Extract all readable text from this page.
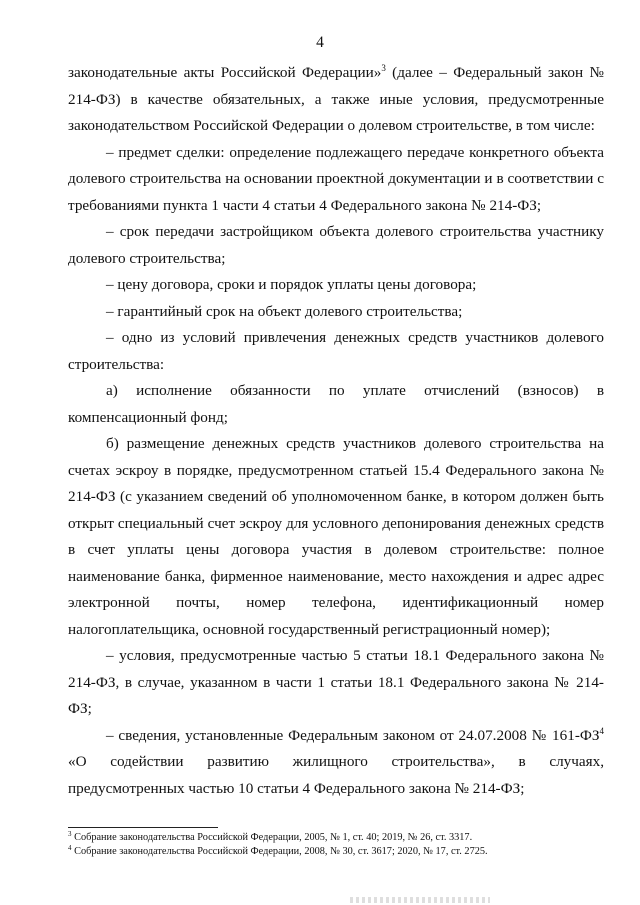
4

законодательные акты Российской Федерации»$^3$ (далее – Федеральный закон № 214-ФЗ) в качестве обязательных, а также иные условия, предусмотренные законодательством Российской Федерации о долевом строительстве, в том числе:

– предмет сделки: определение подлежащего передаче конкретного объекта долевого строительства на основании проектной документации и в соответствии с требованиями пункта 1 части 4 статьи 4 Федерального закона № 214-ФЗ;

– срок передачи застройщиком объекта долевого строительства участнику долевого строительства;

– цену договора, сроки и порядок уплаты цены договора;

– гарантийный срок на объект долевого строительства;

– одно из условий привлечения денежных средств участников долевого строительства:

а) исполнение обязанности по уплате отчислений (взносов) в компенсационный фонд;

б) размещение денежных средств участников долевого строительства на счетах эскроу в порядке, предусмотренном статьей 15.4 Федерального закона № 214-ФЗ (с указанием сведений об уполномоченном банке, в котором должен быть открыт специальный счет эскроу для условного депонирования денежных средств в счет уплаты цены договора участия в долевом строительстве: полное наименование банка, фирменное наименование, место нахождения и адрес адрес электронной почты, номер телефона, идентификационный номер налогоплательщика, основной государственный регистрационный номер);

– условия, предусмотренные частью 5 статьи 18.1 Федерального закона № 214-ФЗ, в случае, указанном в части 1 статьи 18.1 Федерального закона № 214-ФЗ;

– сведения, установленные Федеральным законом от 24.07.2008 № $161-ФЗ^4$ «О содействии развитию жилищного строительства», в случаях, предусмотренных частью 10 статьи 4 Федерального закона № 214-ФЗ;

$^3$ Собрание законодательства Российской Федерации, 2005, № 1, ст. 40; 2019, № 26, ст. 3317.
$^4$ Собрание законодательства Российской Федерации, 2008, № 30, ст. 3617; 2020, № 17, ст. 2725.
